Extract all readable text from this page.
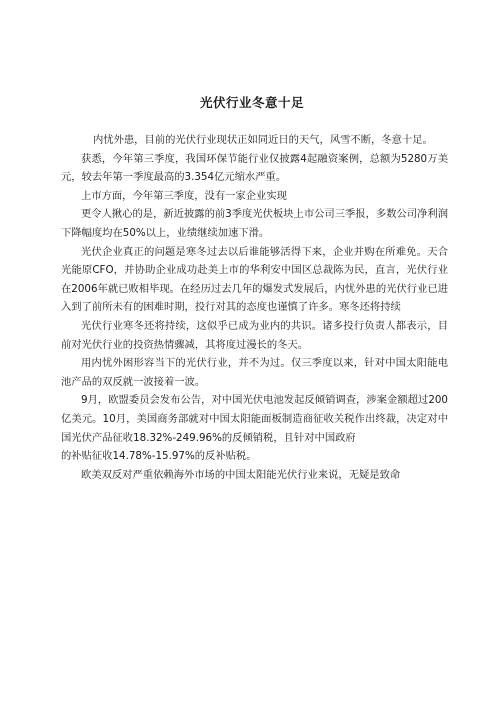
光伏行业冬意十足

内忧外患，目前的光伏行业现状正如同近日的天气，风雪不断，冬意十足。

获悉，今年第三季度，我国环保节能行业仅披露4起融资案例，总额为5280万美元，较去年第一季度最高的3.354亿元缩水严重。

上市方面，今年第三季度，没有一家企业实现

更令人揪心的是，新近披露的前3季度光伏板块上市公司三季报，多数公司净利润下降幅度均在50%以上，业绩继续加速下滑。

光伏企业真正的问题是寒冬过去以后谁能够活得下来，企业并购在所难免。天合光能原CFO，并协助企业成功赴美上市的华利安中国区总裁陈为民，直言，光伏行业在2006年就已败相毕现。在经历过去几年的爆发式发展后，内忧外患的光伏行业已进入到了前所未有的困难时期，投行对其的态度也谨慎了许多。寒冬还将持续

光伏行业寒冬还将持续，这似乎已成为业内的共识。诸多投行负责人都表示，目前对光伏行业的投资热情骤减，其将度过漫长的冬天。

用内忧外困形容当下的光伏行业，并不为过。仅三季度以来，针对中国太阳能电池产品的双反就一波接着一波。

9月，欧盟委员会发布公告，对中国光伏电池发起反倾销调查，涉案金额超过200亿美元。10月，美国商务部就对中国太阳能面板制造商征收关税作出终裁，决定对中国光伏产品征收18.32%-249.96%的反倾销税，且针对中国政府

的补贴征收14.78%-15.97%的反补贴税。

欧美双反对严重依赖海外市场的中国太阳能光伏行业来说，无疑是致命
